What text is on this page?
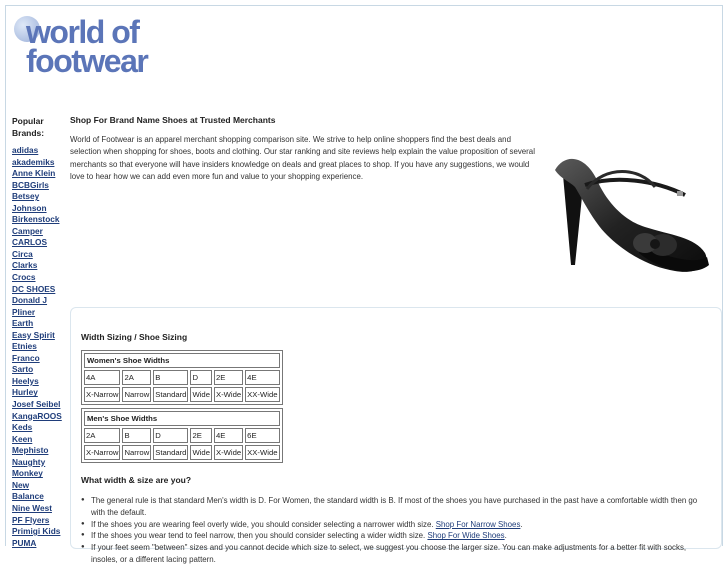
world of
footwear
Popular
Brands:
adidas
akademiks
Anne Klein
BCBGirls
Betsey
Johnson
Birkenstock
Camper
CARLOS
Circa
Clarks
Crocs
DC SHOES
Donald J
Pliner
Earth
Easy Spirit
Etnies
Franco
Sarto
Heelys
Hurley
Josef Seibel
KangaROOS
Keds
Keen
Mephisto
Naughty
Monkey
New
Balance
Nine West
PF Flyers
Primigi Kids
PUMA
Shop For Brand Name Shoes at Trusted Merchants
World of Footwear is an apparel merchant shopping comparison site. We strive to help online shoppers find the best deals and selection when shopping for shoes, boots and clothing. Our star ranking and site reviews help explain the value proposition of several merchants so that everyone will have insiders knowledge on deals and great places to shop. If you have any suggestions, we would love to hear how we can add even more fun and value to your shopping experience.
Width Sizing / Shoe Sizing
Women's Shoe Widths					
4A	2A	B	D	2E	4E
X-Narrow	Narrow	Standard	Wide	X-Wide	XX-Wide
Men's Shoe Widths					
2A	B	D	2E	4E	6E
X-Narrow	Narrow	Standard	Wide	X-Wide	XX-Wide
What width & size are you?
● The general rule is that standard Men's width is D. For Women, the standard width is B. If most of the shoes you have purchased in the past have a comfortable width then go with the default.
● If the shoes you are wearing feel overly wide, you should consider selecting a narrower width size. Shop For Narrow Shoes.
● If the shoes you wear tend to feel narrow, then you should consider selecting a wider width size. Shop For Wide Shoes.
● If your feet seem "between" sizes and you cannot decide which size to select, we suggest you choose the larger size. You can make adjustments for a better fit with socks, insoles, or a different lacing pattern.
